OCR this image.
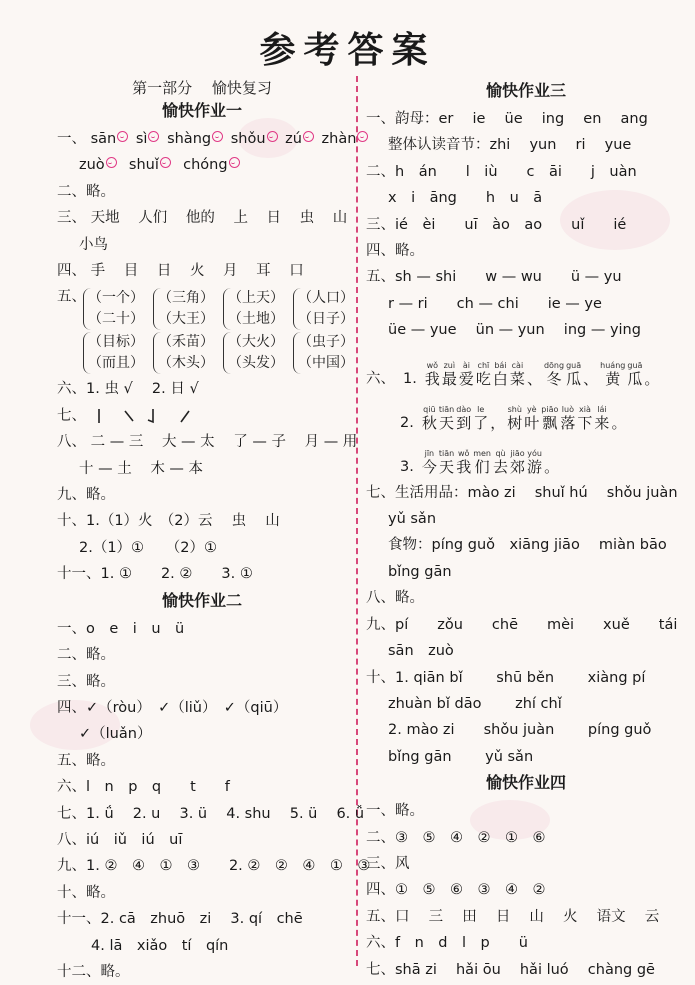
参考答案
第一部分　 愉快复习
愉快作业一
一、 sān sì shàng shǒu zú zhàn
zuò shuǐ chóng
二、略。
三、 天地 人们 他的 上 日 虫 山
小鸟
四、 手 目 日 火 月 耳 口
五、 （一个）
（二十）
（三角）
（大王）
（上天）
（土地）
（人口）
（日子）
（目标）
（而且）
（禾苗）
（木头）
（大火）
（头发）
（虫子）
（中国）
六、1. 虫 √　 2. 日 √
七、
八、 二 — 三 大 — 太 了 — 子 月 — 用
十 — 土 木 — 本
九、略。
十、1.（1）火　（2）云　 虫　 山
2.（1）①　　（2）①
十一、1. ①　　2. ②　　3. ①
愉快作业二
一、o　e　i　u　ü
二、略。
三、略。
四、✓（ròu）　✓（liǔ）　✓（qiū）
✓（luǎn）
五、略。
六、l　n　p　q　　t　　f
七、1. ǘ　 2. u　 3. ü　 4. shu　 5. ü　 6. ǚ
八、iú　iǔ　iú　uī
九、1. ②　④　①　③　　2. ②　②　④　①　③
十、略。
十一、2. cā　zhuō　zi　 3. qí　chē
4. lā　xiǎo　tí　qín
十二、略。
愉快作业三
一、韵母：er　 ie　 üe　 ing　 en　 ang
整体认读音节：zhi　 yun　 ri　 yue
二、h　án　　l　iù　　c　āi　　j　uàn
x　i　āng　　h　u　ā
三、ié　èi　　uī　ào　ao　　uǐ　　ié
四、略。
五、sh — shi　　w — wu　　ü — yu
r — ri　　ch — chi　　ie — ye
üe — yue　 ün — yun　 ing — ying
六、 1.
wǒ
我
zuì
最
ài
爱
chī
吃
bái
白
cài
菜
、
dōng
冬
guā
瓜
、
huáng
黄
guā
瓜
。
2.
qiū
秋
tiān
天
dào
到
le
了
，
shù
树
yè
叶
piāo
飘
luò
落
xià
下
lái
来
。
3.
jīn
今
tiān
天
wǒ
我
men
们
qù
去
jiāo
郊
yóu
游
。
七、生活用品：mào zi　 shuǐ hú　 shǒu juàn
yǔ sǎn
食物：píng guǒ　xiāng jiāo　 miàn bāo
bǐng gān
八、略。
九、pí　　zǒu　　chē　　mèi　　xuě　　tái
sān　zuò
十、1. qiān bǐ　　 shū běn　　 xiàng pí
zhuàn bǐ dāo　　 zhí chǐ
2. mào zi　　shǒu juàn　　 píng guǒ
bǐng gān　　 yǔ sǎn
愉快作业四
一、略。
二、③　⑤　④　②　①　⑥
三、风
四、①　⑤　⑥　③　④　②
五、口　 三　 田　 日　 山　 火　 语文　 云
六、f　n　d　l　p　　ü
七、shā zi　 hǎi ōu　 hǎi luó　 chàng gē
